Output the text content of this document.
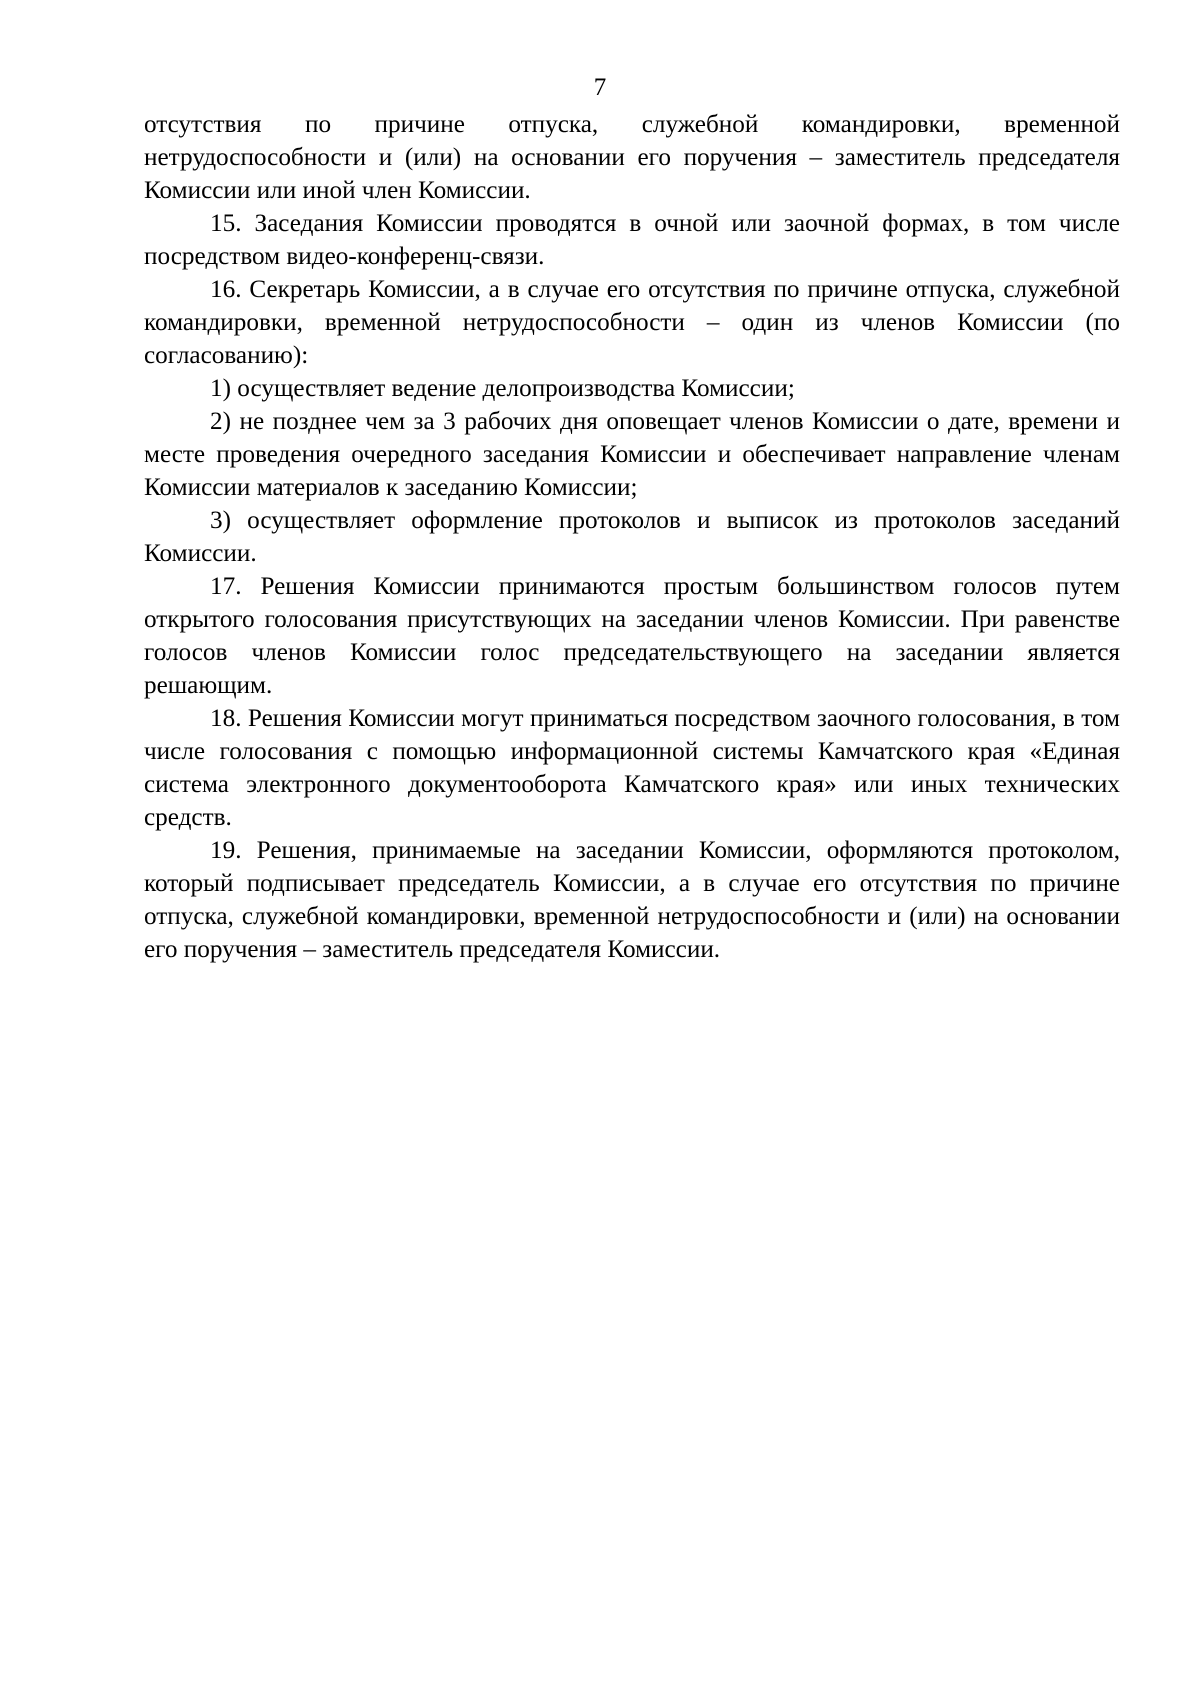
7

отсутствия по причине отпуска, служебной командировки, временной нетрудоспособности и (или) на основании его поручения – заместитель председателя Комиссии или иной член Комиссии.

15. Заседания Комиссии проводятся в очной или заочной формах, в том числе посредством видео-конференц-связи.

16. Секретарь Комиссии, а в случае его отсутствия по причине отпуска, служебной командировки, временной нетрудоспособности – один из членов Комиссии (по согласованию):

1) осуществляет ведение делопроизводства Комиссии;

2) не позднее чем за 3 рабочих дня оповещает членов Комиссии о дате, времени и месте проведения очередного заседания Комиссии и обеспечивает направление членам Комиссии материалов к заседанию Комиссии;

3) осуществляет оформление протоколов и выписок из протоколов заседаний Комиссии.

17. Решения Комиссии принимаются простым большинством голосов путем открытого голосования присутствующих на заседании членов Комиссии. При равенстве голосов членов Комиссии голос председательствующего на заседании является решающим.

18. Решения Комиссии могут приниматься посредством заочного голосования, в том числе голосования с помощью информационной системы Камчатского края «Единая система электронного документооборота Камчатского края» или иных технических средств.

19. Решения, принимаемые на заседании Комиссии, оформляются протоколом, который подписывает председатель Комиссии, а в случае его отсутствия по причине отпуска, служебной командировки, временной нетрудоспособности и (или) на основании его поручения – заместитель председателя Комиссии.
